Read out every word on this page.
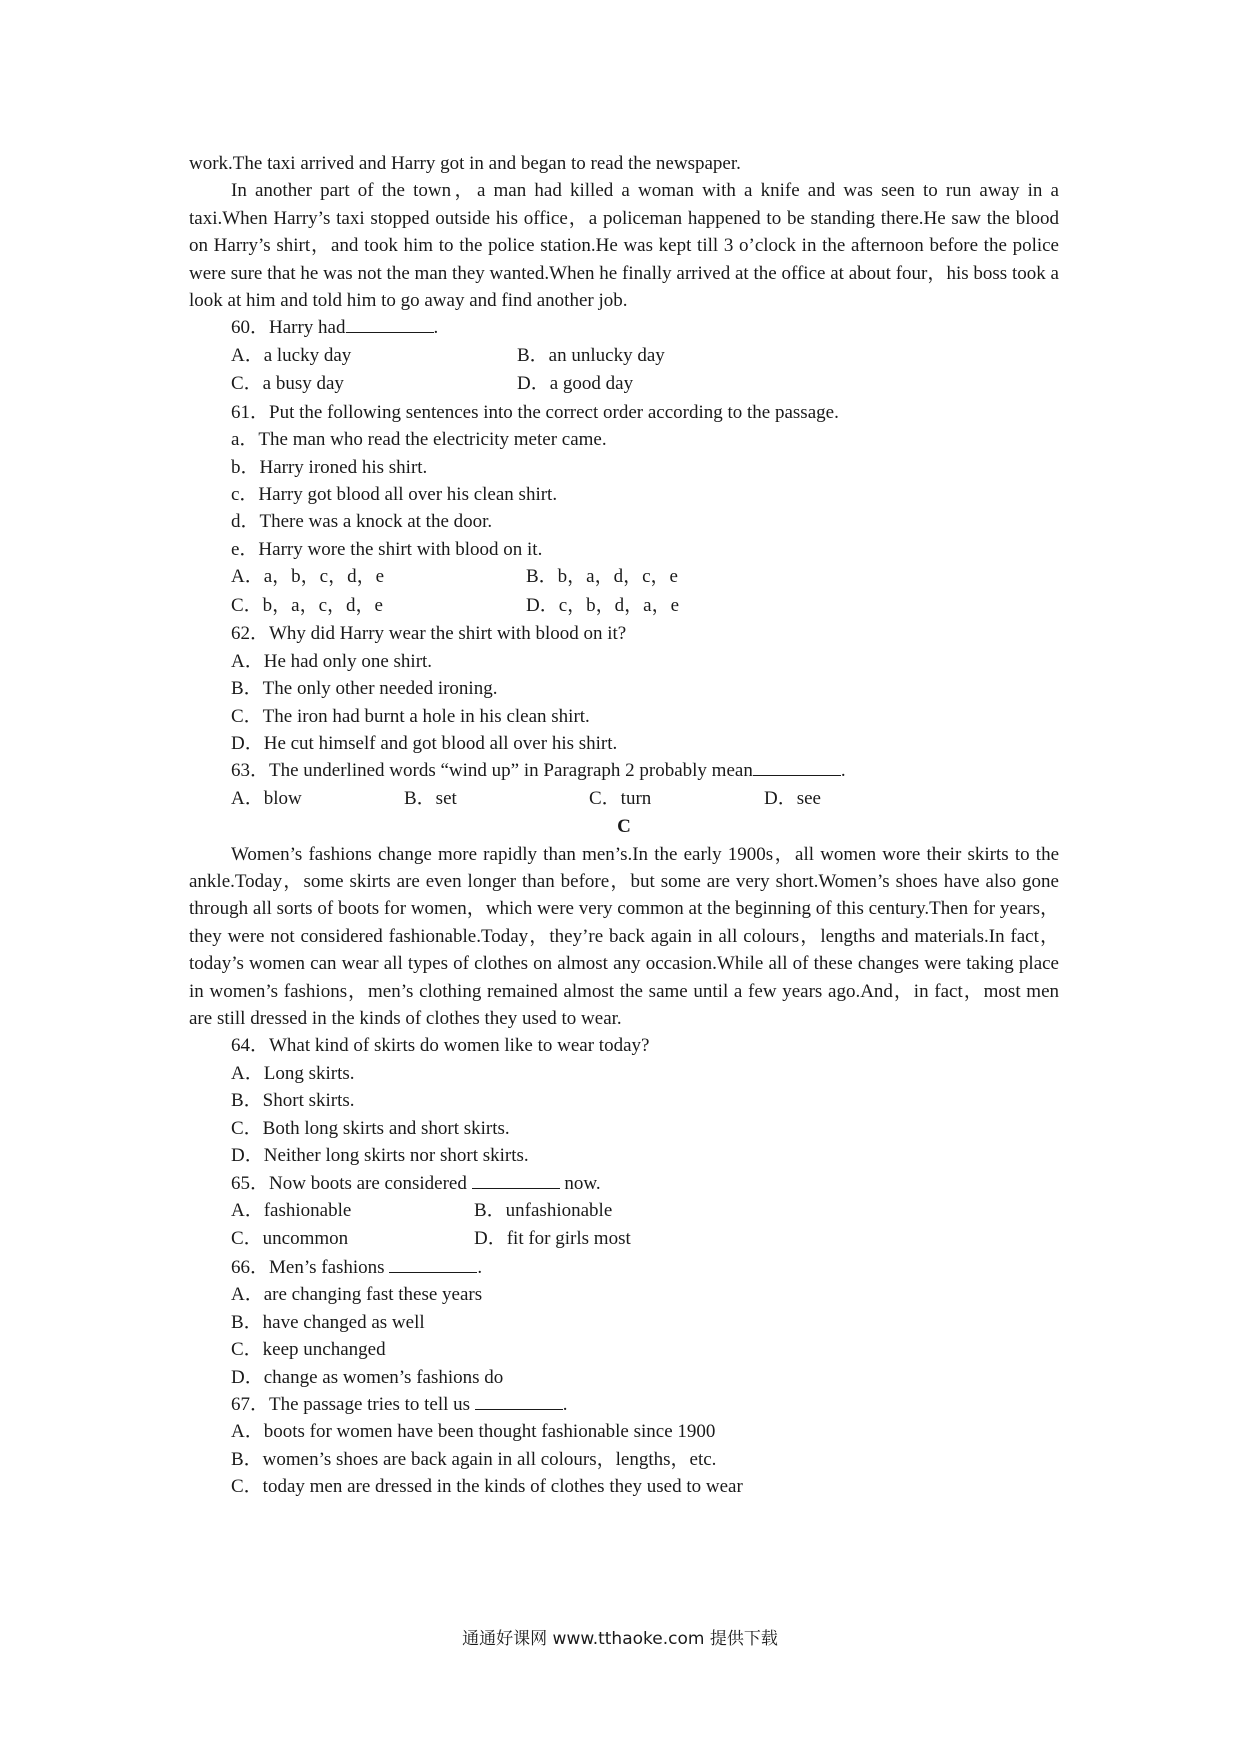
work.The taxi arrived and Harry got in and began to read the newspaper.

In another part of the town，a man had killed a woman with a knife and was seen to run away in a taxi.When Harry’s taxi stopped outside his office，a policeman happened to be standing there.He saw the blood on Harry’s shirt，and took him to the police station.He was kept till 3 o’clock in the afternoon before the police were sure that he was not the man they wanted.When he finally arrived at the office at about four，his boss took a look at him and told him to go away and find another job.

60．Harry had	.
A．a lucky day	B．an unlucky day
C．a busy day	D．a good day
61．Put the following sentences into the correct order according to the passage.
a．The man who read the electricity meter came.
b．Harry ironed his shirt.
c．Harry got blood all over his clean shirt.
d．There was a knock at the door.
e．Harry wore the shirt with blood on it.
A．a，b，c，d，e	B．b，a，d，c，e
C．b，a，c，d，e	D．c，b，d，a，e
62．Why did Harry wear the shirt with blood on it?
A．He had only one shirt.
B．The only other needed ironing.
C．The iron had burnt a hole in his clean shirt.
D．He cut himself and got blood all over his shirt.
63．The underlined words “wind up” in Paragraph 2 probably mean	.
A．blow	B．set	C．turn	D．see

C

Women’s fashions change more rapidly than men’s.In the early 1900s，all women wore their skirts to the ankle.Today，some skirts are even longer than before，but some are very short.Women’s shoes have also gone through all sorts of boots for women，which were very common at the beginning of this century.Then for years，they were not considered fashionable.Today，they’re back again in all colours，lengths and materials.In fact，today’s women can wear all types of clothes on almost any occasion.While all of these changes were taking place in women’s fashions，men’s clothing remained almost the same until a few years ago.And，in fact，most men are still dressed in the kinds of clothes they used to wear.

64．What kind of skirts do women like to wear today?
A．Long skirts.
B．Short skirts.
C．Both long skirts and short skirts.
D．Neither long skirts nor short skirts.
65．Now boots are considered	now.
A．fashionable	B．unfashionable
C．uncommon	D．fit for girls most
66．Men’s fashions	.
A．are changing fast these years
B．have changed as well
C．keep unchanged
D．change as women’s fashions do
67．The passage tries to tell us	.
A．boots for women have been thought fashionable since 1900
B．women’s shoes are back again in all colours，lengths，etc.
C．today men are dressed in the kinds of clothes they used to wear
通通好课网 www.tthaoke.com 提供下载
